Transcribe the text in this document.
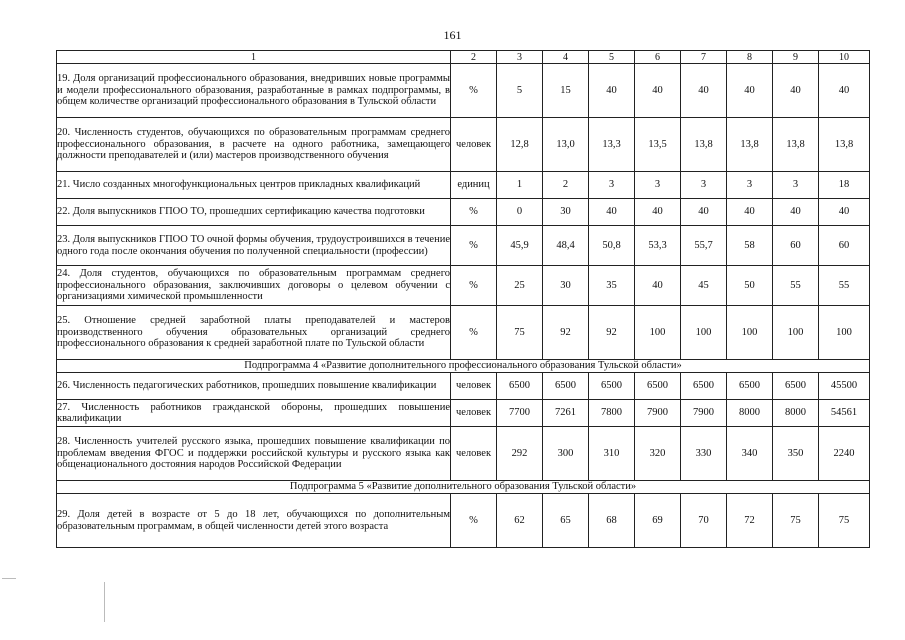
161
1	2	3	4	5	6	7	8	9	10
19. Доля организаций профессионального образования, внедривших новые программы и модели профессионального образования, разработанные в рамках подпрограммы, в общем количестве организаций профессионального образования в Тульской области	%	5	15	40	40	40	40	40	40
20. Численность студентов, обучающихся по образовательным программам среднего профессионального образования, в расчете на одного работника, замещающего должности преподавателей и (или) мастеров производственного обучения	человек	12,8	13,0	13,3	13,5	13,8	13,8	13,8	13,8
21. Число созданных многофункциональных центров прикладных квалификаций	единиц	1	2	3	3	3	3	3	18
22. Доля выпускников ГПОО ТО, прошедших сертификацию качества подготовки	%	0	30	40	40	40	40	40	40
23. Доля выпускников ГПОО ТО очной формы обучения, трудоустроившихся в течение одного года после окончания обучения по полученной специальности (профессии)	%	45,9	48,4	50,8	53,3	55,7	58	60	60
24. Доля студентов, обучающихся по образовательным программам среднего профессионального образования, заключивших договоры о целевом обучении с организациями химической промышленности	%	25	30	35	40	45	50	55	55
25. Отношение средней заработной платы преподавателей и мастеров производственного обучения образовательных организаций среднего профессионального образования к средней заработной плате по Тульской области	%	75	92	92	100	100	100	100	100
Подпрограмма 4 «Развитие дополнительного профессионального образования Тульской области»									
26. Численность педагогических работников, прошедших повышение квалификации	человек	6500	6500	6500	6500	6500	6500	6500	45500
27. Численность работников гражданской обороны, прошедших повышение квалификации	человек	7700	7261	7800	7900	7900	8000	8000	54561
28. Численность учителей русского языка, прошедших повышение квалификации по проблемам введения ФГОС и поддержки российской культуры и русского языка как общенационального достояния народов Российской Федерации	человек	292	300	310	320	330	340	350	2240
Подпрограмма 5 «Развитие дополнительного образования Тульской области»									
29. Доля детей в возрасте от 5 до 18 лет, обучающихся по дополнительным образовательным программам, в общей численности детей этого возраста	%	62	65	68	69	70	72	75	75
